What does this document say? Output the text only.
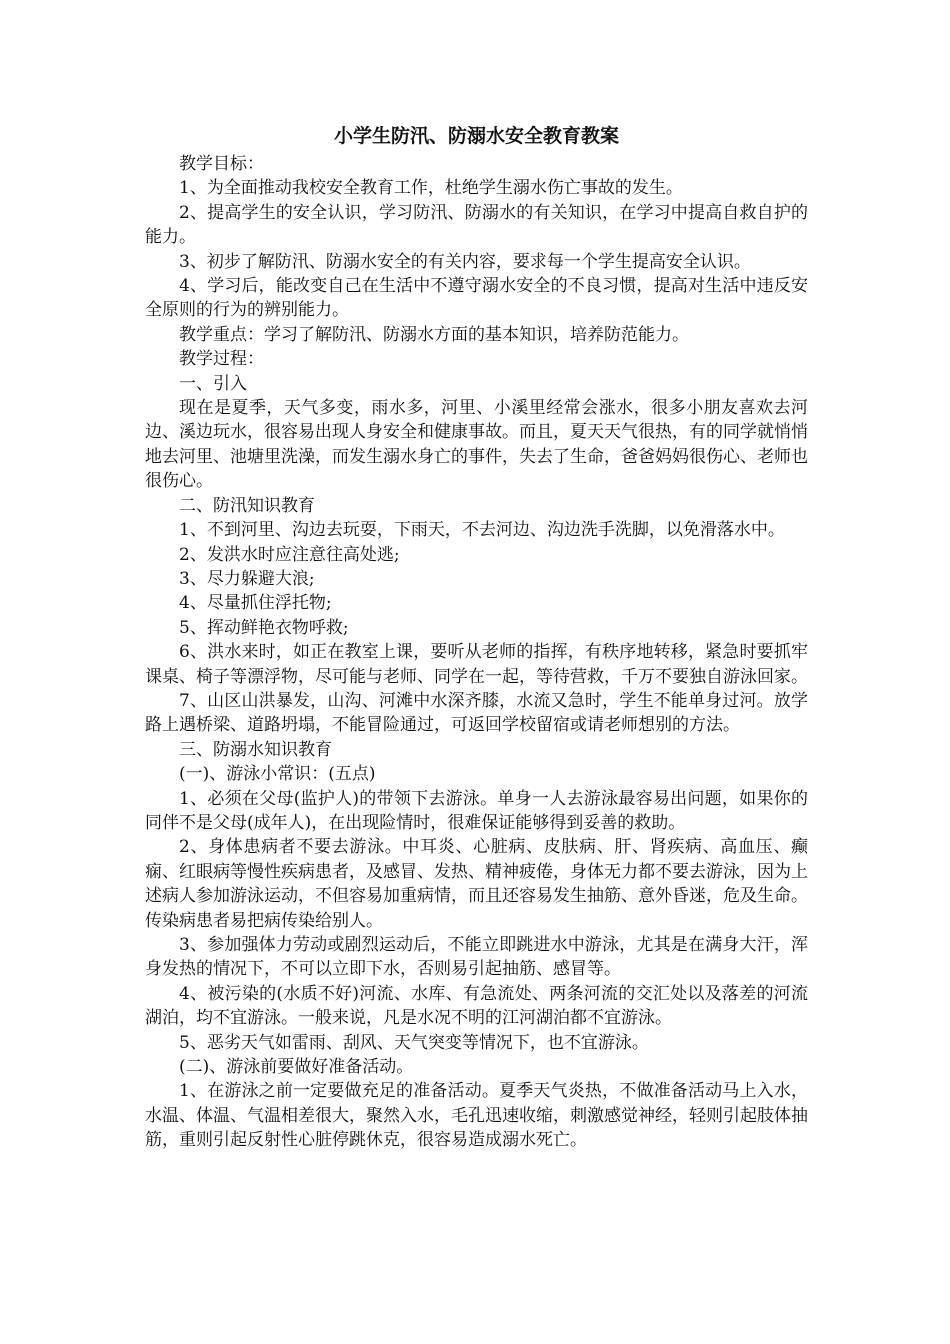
小学生防汛、防溺水安全教育教案

教学目标：

1、为全面推动我校安全教育工作，杜绝学生溺水伤亡事故的发生。

2、提高学生的安全认识，学习防汛、防溺水的有关知识，在学习中提高自救自护的能力。

3、初步了解防汛、防溺水安全的有关内容，要求每一个学生提高安全认识。

4、学习后，能改变自己在生活中不遵守溺水安全的不良习惯，提高对生活中违反安全原则的行为的辨别能力。

教学重点：学习了解防汛、防溺水方面的基本知识，培养防范能力。

教学过程：

一、引入

现在是夏季，天气多变，雨水多，河里、小溪里经常会涨水，很多小朋友喜欢去河边、溪边玩水，很容易出现人身安全和健康事故。而且，夏天天气很热，有的同学就悄悄地去河里、池塘里洗澡，而发生溺水身亡的事件，失去了生命，爸爸妈妈很伤心、老师也很伤心。

二、防汛知识教育

1、不到河里、沟边去玩耍，下雨天，不去河边、沟边洗手洗脚，以免滑落水中。

2、发洪水时应注意往高处逃;

3、尽力躲避大浪;

4、尽量抓住浮托物;

5、挥动鲜艳衣物呼救;

6、洪水来时，如正在教室上课，要听从老师的指挥，有秩序地转移，紧急时要抓牢课桌、椅子等漂浮物，尽可能与老师、同学在一起，等待营救，千万不要独自游泳回家。

7、山区山洪暴发，山沟、河滩中水深齐膝，水流又急时，学生不能单身过河。放学路上遇桥梁、道路坍塌，不能冒险通过，可返回学校留宿或请老师想别的方法。

三、防溺水知识教育

(一)、游泳小常识：(五点)

1、必须在父母(监护人)的带领下去游泳。单身一人去游泳最容易出问题，如果你的同伴不是父母(成年人)，在出现险情时，很难保证能够得到妥善的救助。

2、身体患病者不要去游泳。中耳炎、心脏病、皮肤病、肝、肾疾病、高血压、癫痫、红眼病等慢性疾病患者，及感冒、发热、精神疲倦，身体无力都不要去游泳，因为上述病人参加游泳运动，不但容易加重病情，而且还容易发生抽筋、意外昏迷，危及生命。传染病患者易把病传染给别人。

3、参加强体力劳动或剧烈运动后，不能立即跳进水中游泳，尤其是在满身大汗，浑身发热的情况下，不可以立即下水，否则易引起抽筋、感冒等。

4、被污染的(水质不好)河流、水库、有急流处、两条河流的交汇处以及落差的河流湖泊，均不宜游泳。一般来说，凡是水况不明的江河湖泊都不宜游泳。

5、恶劣天气如雷雨、刮风、天气突变等情况下，也不宜游泳。

(二)、游泳前要做好准备活动。

1、在游泳之前一定要做充足的准备活动。夏季天气炎热，不做准备活动马上入水，水温、体温、气温相差很大，聚然入水，毛孔迅速收缩，刺激感觉神经，轻则引起肢体抽筋，重则引起反射性心脏停跳休克，很容易造成溺水死亡。
